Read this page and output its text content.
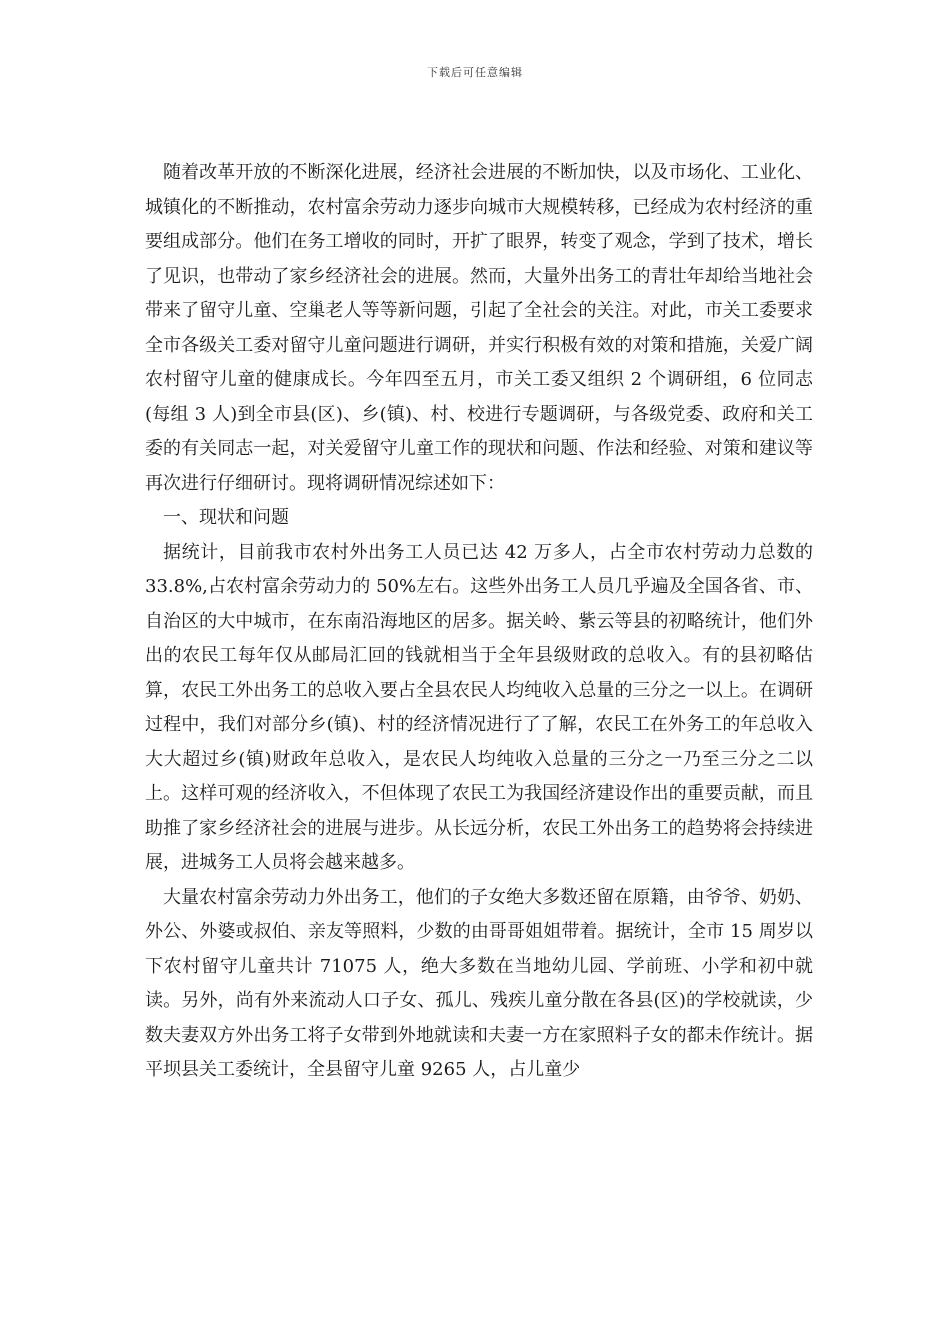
下载后可任意编辑

随着改革开放的不断深化进展，经济社会进展的不断加快，以及市场化、工业化、城镇化的不断推动，农村富余劳动力逐步向城市大规模转移，已经成为农村经济的重要组成部分。他们在务工增收的同时，开扩了眼界，转变了观念，学到了技术，增长了见识，也带动了家乡经济社会的进展。然而，大量外出务工的青壮年却给当地社会带来了留守儿童、空巢老人等等新问题，引起了全社会的关注。对此，市关工委要求全市各级关工委对留守儿童问题进行调研，并实行积极有效的对策和措施，关爱广阔农村留守儿童的健康成长。今年四至五月，市关工委又组织 2 个调研组，6 位同志(每组 3 人)到全市县(区)、乡(镇)、村、校进行专题调研，与各级党委、政府和关工委的有关同志一起，对关爱留守儿童工作的现状和问题、作法和经验、对策和建议等再次进行仔细研讨。现将调研情况综述如下：

一、现状和问题

据统计，目前我市农村外出务工人员已达 42 万多人，占全市农村劳动力总数的 33.8%,占农村富余劳动力的 50%左右。这些外出务工人员几乎遍及全国各省、市、自治区的大中城市，在东南沿海地区的居多。据关岭、紫云等县的初略统计，他们外出的农民工每年仅从邮局汇回的钱就相当于全年县级财政的总收入。有的县初略估算，农民工外出务工的总收入要占全县农民人均纯收入总量的三分之一以上。在调研过程中，我们对部分乡(镇)、村的经济情况进行了了解，农民工在外务工的年总收入大大超过乡(镇)财政年总收入，是农民人均纯收入总量的三分之一乃至三分之二以上。这样可观的经济收入，不但体现了农民工为我国经济建设作出的重要贡献，而且助推了家乡经济社会的进展与进步。从长远分析，农民工外出务工的趋势将会持续进展，进城务工人员将会越来越多。

大量农村富余劳动力外出务工，他们的子女绝大多数还留在原籍，由爷爷、奶奶、外公、外婆或叔伯、亲友等照料，少数的由哥哥姐姐带着。据统计，全市 15 周岁以下农村留守儿童共计 71075 人，绝大多数在当地幼儿园、学前班、小学和初中就读。另外，尚有外来流动人口子女、孤儿、残疾儿童分散在各县(区)的学校就读，少数夫妻双方外出务工将子女带到外地就读和夫妻一方在家照料子女的都未作统计。据平坝县关工委统计，全县留守儿童 9265 人，占儿童少
